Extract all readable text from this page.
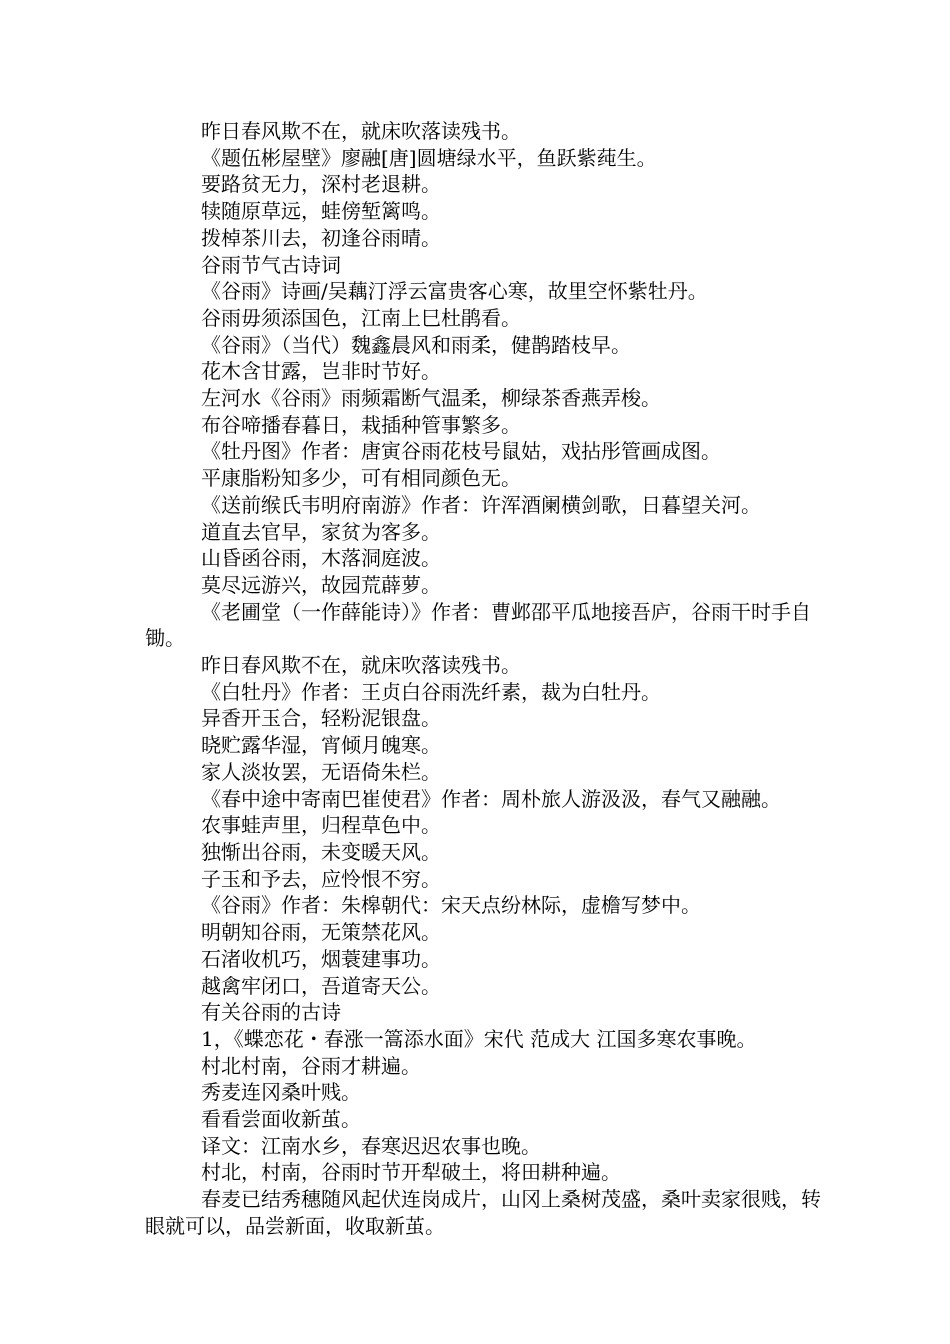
昨日春风欺不在，就床吹落读残书。

《题伍彬屋壁》廖融[唐]圆塘绿水平，鱼跃紫莼生。

要路贫无力，深村老退耕。

犊随原草远，蛙傍堑篱鸣。

拨棹茶川去，初逢谷雨晴。

谷雨节气古诗词

《谷雨》诗画/吴藕汀浮云富贵客心寒，故里空怀紫牡丹。

谷雨毋须添国色，江南上巳杜鹃看。

《谷雨》（当代）魏鑫晨风和雨柔，健鹊踏枝早。

花木含甘露，岂非时节好。

左河水《谷雨》雨频霜断气温柔，柳绿茶香燕弄梭。

布谷啼播春暮日，栽插种管事繁多。

《牡丹图》作者：唐寅谷雨花枝号鼠姑，戏拈彤管画成图。

平康脂粉知多少，可有相同颜色无。

《送前缑氏韦明府南游》作者：许浑酒阑横剑歌，日暮望关河。

道直去官早，家贫为客多。

山昏函谷雨，木落洞庭波。

莫尽远游兴，故园荒薜萝。

《老圃堂（一作薛能诗）》作者：曹邺邵平瓜地接吾庐，谷雨干时手自锄。

昨日春风欺不在，就床吹落读残书。

《白牡丹》作者：王贞白谷雨洗纤素，裁为白牡丹。

异香开玉合，轻粉泥银盘。

晓贮露华湿，宵倾月魄寒。

家人淡妆罢，无语倚朱栏。

《春中途中寄南巴崔使君》作者：周朴旅人游汲汲，春气又融融。

农事蛙声里，归程草色中。

独惭出谷雨，未变暖天风。

子玉和予去，应怜恨不穷。

《谷雨》作者：朱槔朝代：宋天点纷林际，虚檐写梦中。

明朝知谷雨，无策禁花风。

石渚收机巧，烟蓑建事功。

越禽牢闭口，吾道寄天公。

有关谷雨的古诗

1，《蝶恋花・春涨一篙添水面》宋代 范成大 江国多寒农事晚。

村北村南，谷雨才耕遍。

秀麦连冈桑叶贱。

看看尝面收新茧。

译文：江南水乡，春寒迟迟农事也晚。

村北，村南，谷雨时节开犁破土，将田耕种遍。

春麦已结秀穗随风起伏连岗成片，山冈上桑树茂盛，桑叶卖家很贱，转眼就可以，品尝新面，收取新茧。
